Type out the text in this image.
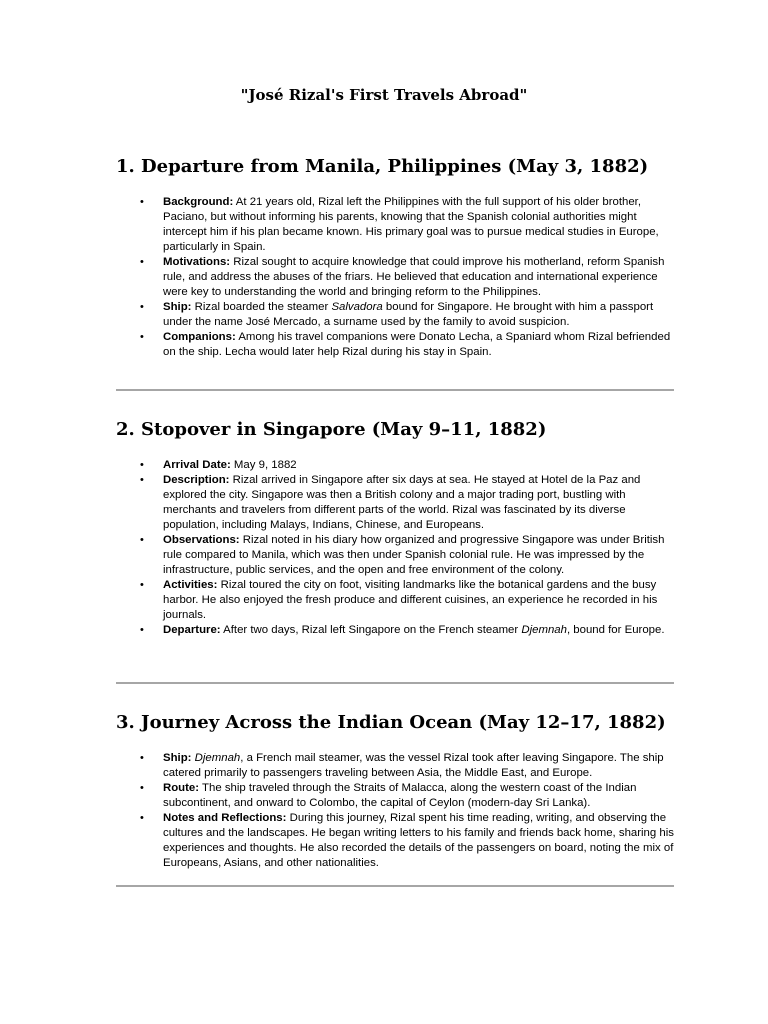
"José Rizal's First Travels Abroad"
1. Departure from Manila, Philippines (May 3, 1882)
• Background: At 21 years old, Rizal left the Philippines with the full support of his older brother, Paciano, but without informing his parents, knowing that the Spanish colonial authorities might intercept him if his plan became known. His primary goal was to pursue medical studies in Europe, particularly in Spain.
• Motivations: Rizal sought to acquire knowledge that could improve his motherland, reform Spanish rule, and address the abuses of the friars. He believed that education and international experience were key to understanding the world and bringing reform to the Philippines.
• Ship: Rizal boarded the steamer Salvadora bound for Singapore. He brought with him a passport under the name José Mercado, a surname used by the family to avoid suspicion.
• Companions: Among his travel companions were Donato Lecha, a Spaniard whom Rizal befriended on the ship. Lecha would later help Rizal during his stay in Spain.
2. Stopover in Singapore (May 9–11, 1882)
• Arrival Date: May 9, 1882
• Description: Rizal arrived in Singapore after six days at sea. He stayed at Hotel de la Paz and explored the city. Singapore was then a British colony and a major trading port, bustling with merchants and travelers from different parts of the world. Rizal was fascinated by its diverse population, including Malays, Indians, Chinese, and Europeans.
• Observations: Rizal noted in his diary how organized and progressive Singapore was under British rule compared to Manila, which was then under Spanish colonial rule. He was impressed by the infrastructure, public services, and the open and free environment of the colony.
• Activities: Rizal toured the city on foot, visiting landmarks like the botanical gardens and the busy harbor. He also enjoyed the fresh produce and different cuisines, an experience he recorded in his journals.
• Departure: After two days, Rizal left Singapore on the French steamer Djemnah, bound for Europe.
3. Journey Across the Indian Ocean (May 12–17, 1882)
• Ship: Djemnah, a French mail steamer, was the vessel Rizal took after leaving Singapore. The ship catered primarily to passengers traveling between Asia, the Middle East, and Europe.
• Route: The ship traveled through the Straits of Malacca, along the western coast of the Indian subcontinent, and onward to Colombo, the capital of Ceylon (modern-day Sri Lanka).
• Notes and Reflections: During this journey, Rizal spent his time reading, writing, and observing the cultures and the landscapes. He began writing letters to his family and friends back home, sharing his experiences and thoughts. He also recorded the details of the passengers on board, noting the mix of Europeans, Asians, and other nationalities.
